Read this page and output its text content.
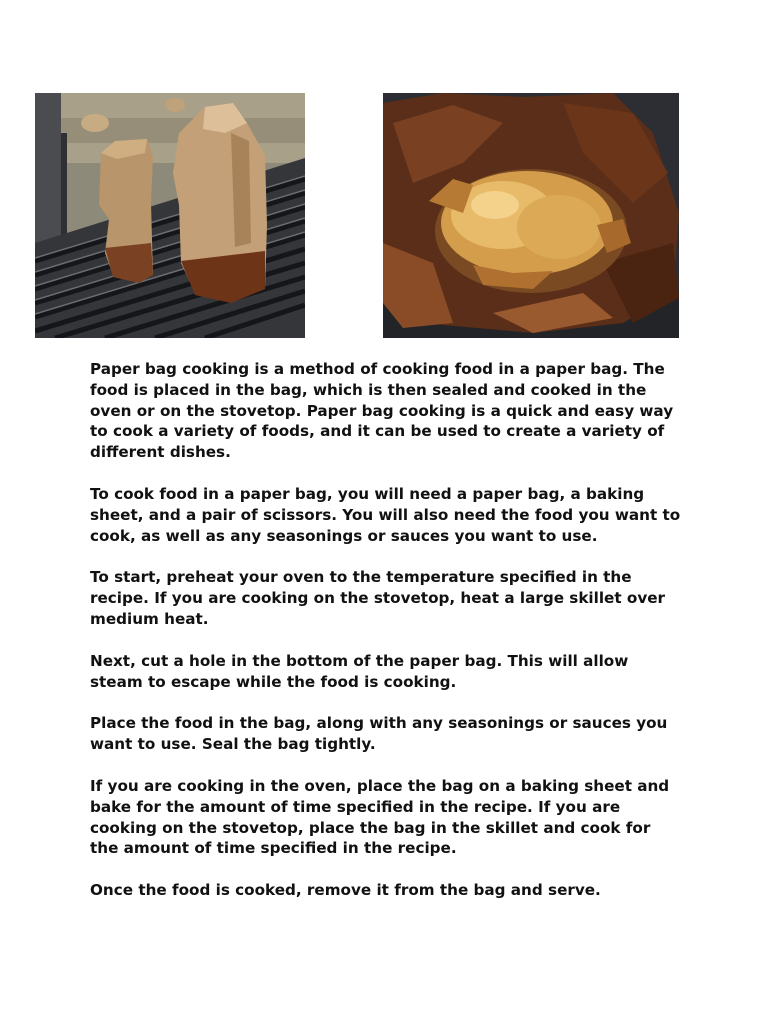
Paper bag cooking is a method of cooking food in a paper bag. The
food is placed in the bag, which is then sealed and cooked in the
oven or on the stovetop. Paper bag cooking is a quick and easy way
to cook a variety of foods, and it can be used to create a variety of
different dishes.

To cook food in a paper bag, you will need a paper bag, a baking
sheet, and a pair of scissors. You will also need the food you want to
cook, as well as any seasonings or sauces you want to use.

To start, preheat your oven to the temperature specified in the
recipe. If you are cooking on the stovetop, heat a large skillet over
medium heat.

Next, cut a hole in the bottom of the paper bag. This will allow
steam to escape while the food is cooking.

Place the food in the bag, along with any seasonings or sauces you
want to use. Seal the bag tightly.

If you are cooking in the oven, place the bag on a baking sheet and
bake for the amount of time specified in the recipe. If you are
cooking on the stovetop, place the bag in the skillet and cook for
the amount of time specified in the recipe.

Once the food is cooked, remove it from the bag and serve.
